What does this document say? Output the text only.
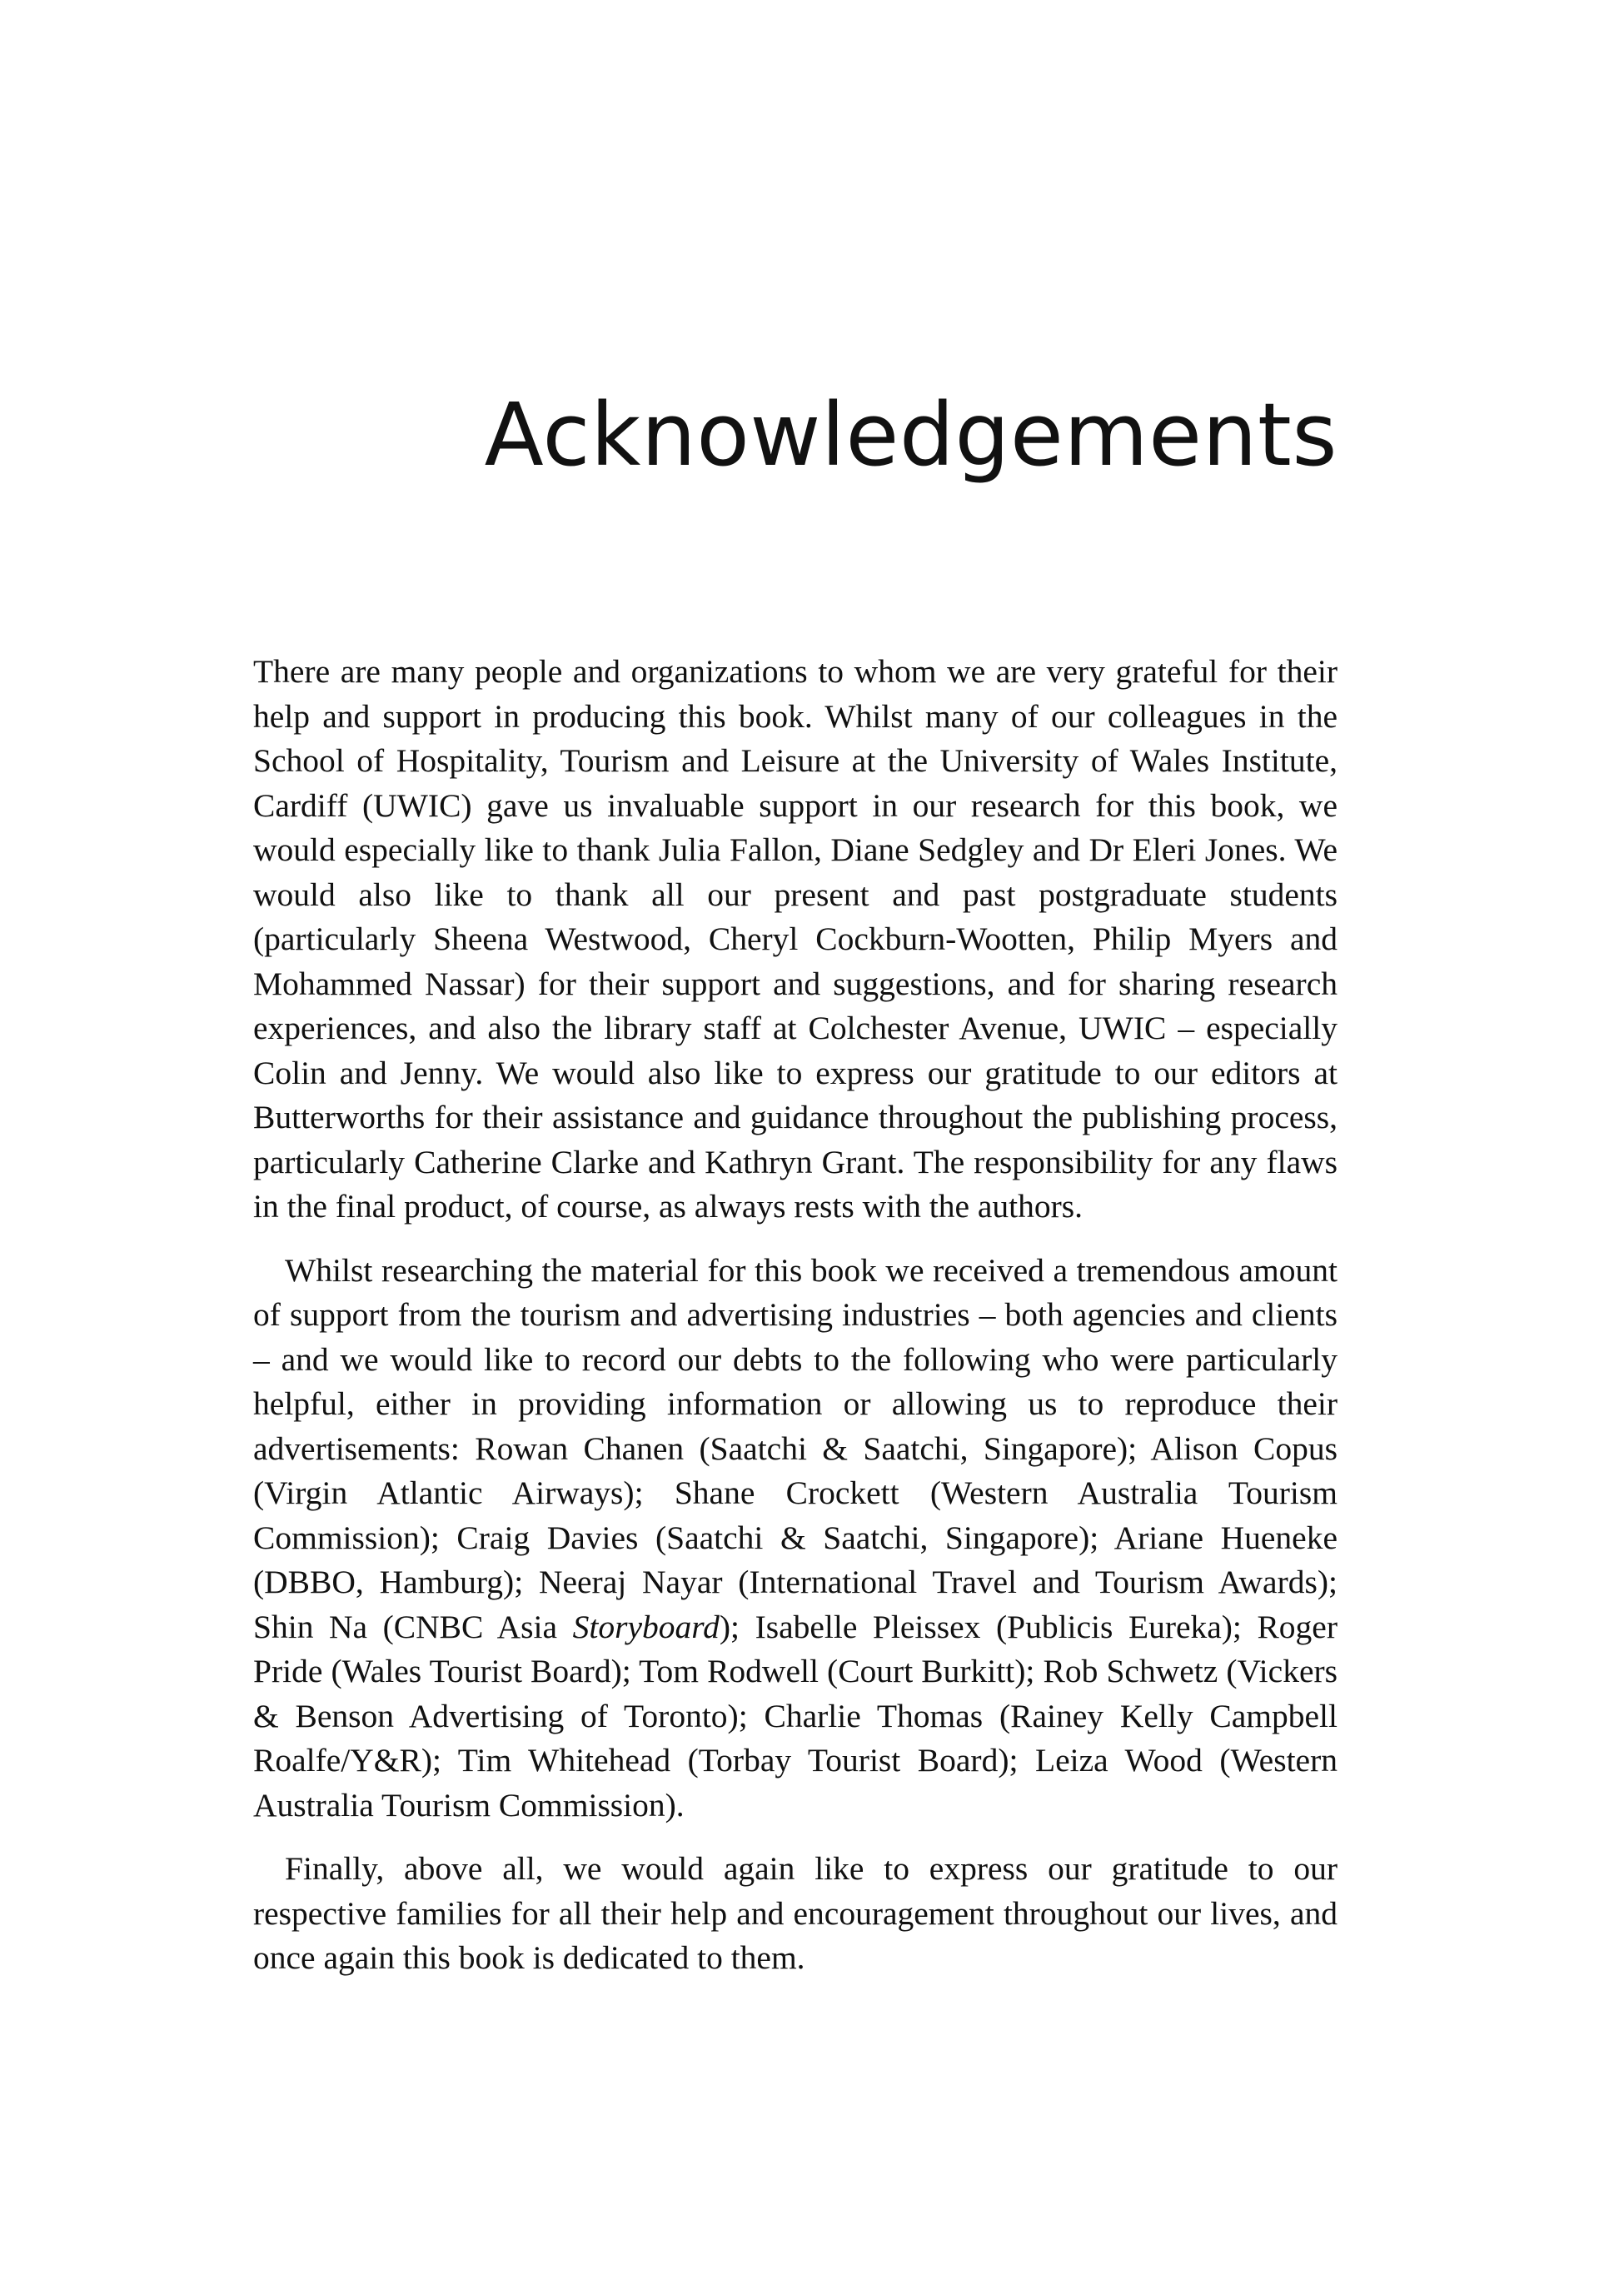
Acknowledgements

There are many people and organizations to whom we are very grateful for their help and support in producing this book. Whilst many of our colleagues in the School of Hospitality, Tourism and Leisure at the University of Wales Institute, Cardiff (UWIC) gave us invaluable support in our research for this book, we would especially like to thank Julia Fallon, Diane Sedgley and Dr Eleri Jones. We would also like to thank all our present and past postgraduate students (particularly Sheena Westwood, Cheryl Cockburn-Wootten, Philip Myers and Mohammed Nassar) for their support and suggestions, and for sharing research experiences, and also the library staff at Colchester Avenue, UWIC – especially Colin and Jenny. We would also like to express our gratitude to our editors at Butterworths for their assistance and guidance throughout the publishing process, particularly Catherine Clarke and Kathryn Grant. The responsibility for any flaws in the final product, of course, as always rests with the authors.

Whilst researching the material for this book we received a tremendous amount of support from the tourism and advertising industries – both agencies and clients – and we would like to record our debts to the following who were particularly helpful, either in providing information or allowing us to reproduce their advertisements: Rowan Chanen (Saatchi & Saatchi, Singapore); Alison Copus (Virgin Atlantic Airways); Shane Crockett (Western Australia Tourism Commission); Craig Davies (Saatchi & Saatchi, Singapore); Ariane Hueneke (DBBO, Hamburg); Neeraj Nayar (International Travel and Tourism Awards); Shin Na (CNBC Asia Storyboard); Isabelle Pleissex (Publicis Eureka); Roger Pride (Wales Tourist Board); Tom Rodwell (Court Burkitt); Rob Schwetz (Vickers & Benson Advertising of Toronto); Charlie Thomas (Rainey Kelly Campbell Roalfe/Y&R); Tim Whitehead (Torbay Tourist Board); Leiza Wood (Western Australia Tourism Commission).

Finally, above all, we would again like to express our gratitude to our respective families for all their help and encouragement throughout our lives, and once again this book is dedicated to them.
